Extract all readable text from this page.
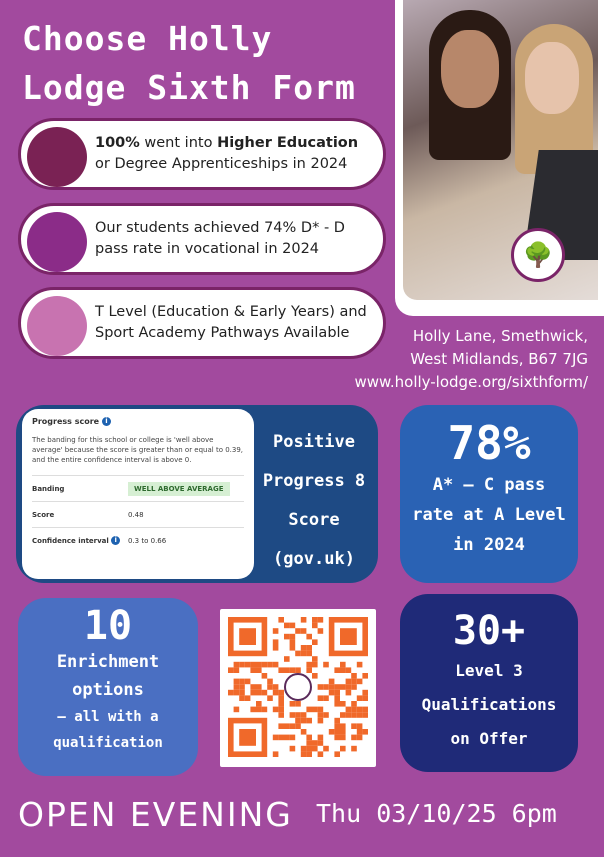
Choose Holly
Lodge Sixth Form
100% went into Higher Education
or Degree Apprenticeships in 2024
Our students achieved 74% D* - D pass rate in vocational in 2024
T Level (Education & Early Years) and Sport Academy Pathways Available
🌳
Holly Lane, Smethwick,
West Midlands, B67 7JG
www.holly-lodge.org/sixthform/
Progress score i
The banding for this school or college is 'well above average' because the score is greater than or equal to 0.39, and the entire confidence interval is above 0.
Banding	WELL ABOVE AVERAGE
Score	0.48
Confidence interval i	0.3 to 0.66
Positive
Progress 8
Score
(gov.uk)
78%
A* – C pass
rate at A Level
in 2024
10
Enrichment
options
– all with a
qualification
30+
Level 3
Qualifications
on Offer
OPEN EVENING Thu 03/10/25 6pm
